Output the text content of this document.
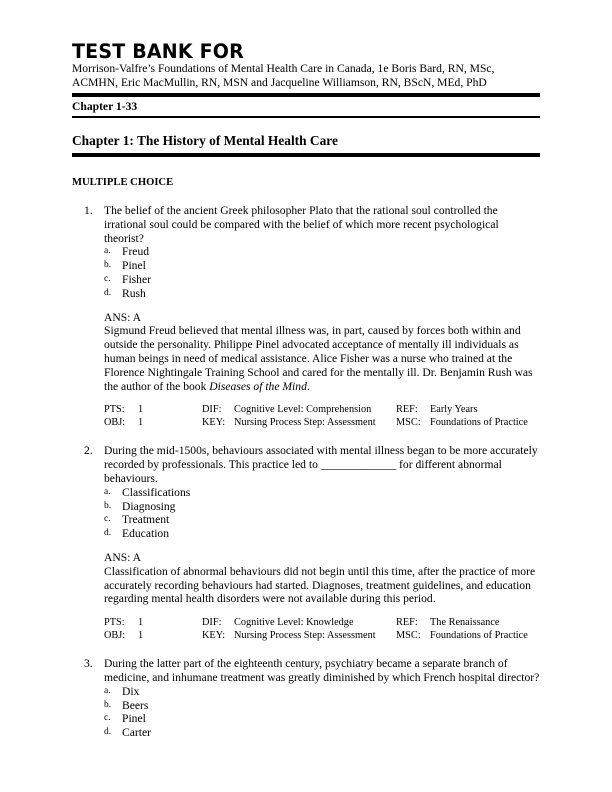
TEST BANK FOR
Morrison-Valfre’s Foundations of Mental Health Care in Canada, 1e Boris Bard, RN, MSc,
ACMHN, Eric MacMullin, RN, MSN and Jacqueline Williamson, RN, BScN, MEd, PhD
Chapter 1-33
Chapter 1: The History of Mental Health Care
MULTIPLE CHOICE
1. The belief of the ancient Greek philosopher Plato that the rational soul controlled the irrational soul could be compared with the belief of which more recent psychological theorist?

a. Freud
b. Pinel
c. Fisher
d. Rush
ANS: A

Sigmund Freud believed that mental illness was, in part, caused by forces both within and outside the personality. Philippe Pinel advocated acceptance of mentally ill individuals as human beings in need of medical assistance. Alice Fisher was a nurse who trained at the Florence Nightingale Training School and cared for the mentally ill. Dr. Benjamin Rush was the author of the book Diseases of the Mind.

PTS: 1	DIF: Cognitive Level: Comprehension REF: Early Years
OBJ: 1	KEY: Nursing Process Step: Assessment MSC: Foundations of Practice
2. During the mid-1500s, behaviours associated with mental illness began to be more accurately recorded by professionals. This practice led to _____________ for different abnormal behaviours.

a. Classifications
b. Diagnosing
c. Treatment
d. Education
ANS: A

Classification of abnormal behaviours did not begin until this time, after the practice of more accurately recording behaviours had started. Diagnoses, treatment guidelines, and education regarding mental health disorders were not available during this period.

PTS: 1	DIF: Cognitive Level: Knowledge	REF: The Renaissance
OBJ: 1	KEY: Nursing Process Step: Assessment MSC: Foundations of Practice
3. During the latter part of the eighteenth century, psychiatry became a separate branch of medicine, and inhumane treatment was greatly diminished by which French hospital director?

a. Dix
b. Beers
c. Pinel
d. Carter
